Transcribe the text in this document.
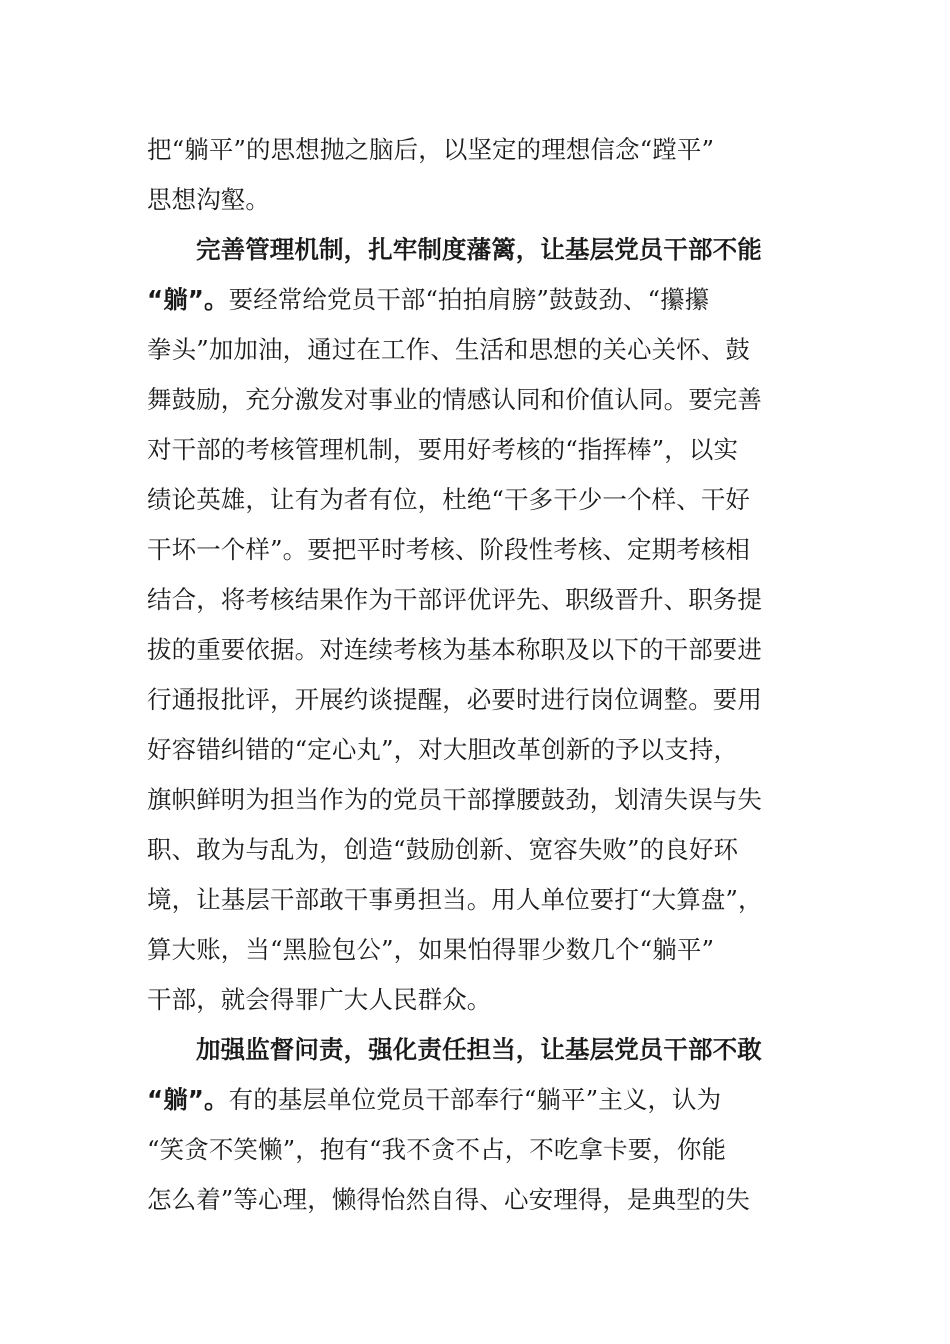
把“躺平”的思想抛之脑后，以坚定的理想信念“蹚平”
思想沟壑。
完善管理机制，扎牢制度藩篱，让基层党员干部不能
“躺”。要经常给党员干部“拍拍肩膀”鼓鼓劲、“攥攥
拳头”加加油，通过在工作、生活和思想的关心关怀、鼓
舞鼓励，充分激发对事业的情感认同和价值认同。要完善
对干部的考核管理机制，要用好考核的“指挥棒”，以实
绩论英雄，让有为者有位，杜绝“干多干少一个样、干好
干坏一个样”。要把平时考核、阶段性考核、定期考核相
结合，将考核结果作为干部评优评先、职级晋升、职务提
拔的重要依据。对连续考核为基本称职及以下的干部要进
行通报批评，开展约谈提醒，必要时进行岗位调整。要用
好容错纠错的“定心丸”，对大胆改革创新的予以支持，
旗帜鲜明为担当作为的党员干部撑腰鼓劲，划清失误与失
职、敢为与乱为，创造“鼓励创新、宽容失败”的良好环
境，让基层干部敢干事勇担当。用人单位要打“大算盘”，
算大账，当“黑脸包公”，如果怕得罪少数几个“躺平”
干部，就会得罪广大人民群众。
加强监督问责，强化责任担当，让基层党员干部不敢
“躺”。有的基层单位党员干部奉行“躺平”主义，认为
“笑贪不笑懒”，抱有“我不贪不占，不吃拿卡要，你能
怎么着”等心理，懒得怡然自得、心安理得，是典型的失
